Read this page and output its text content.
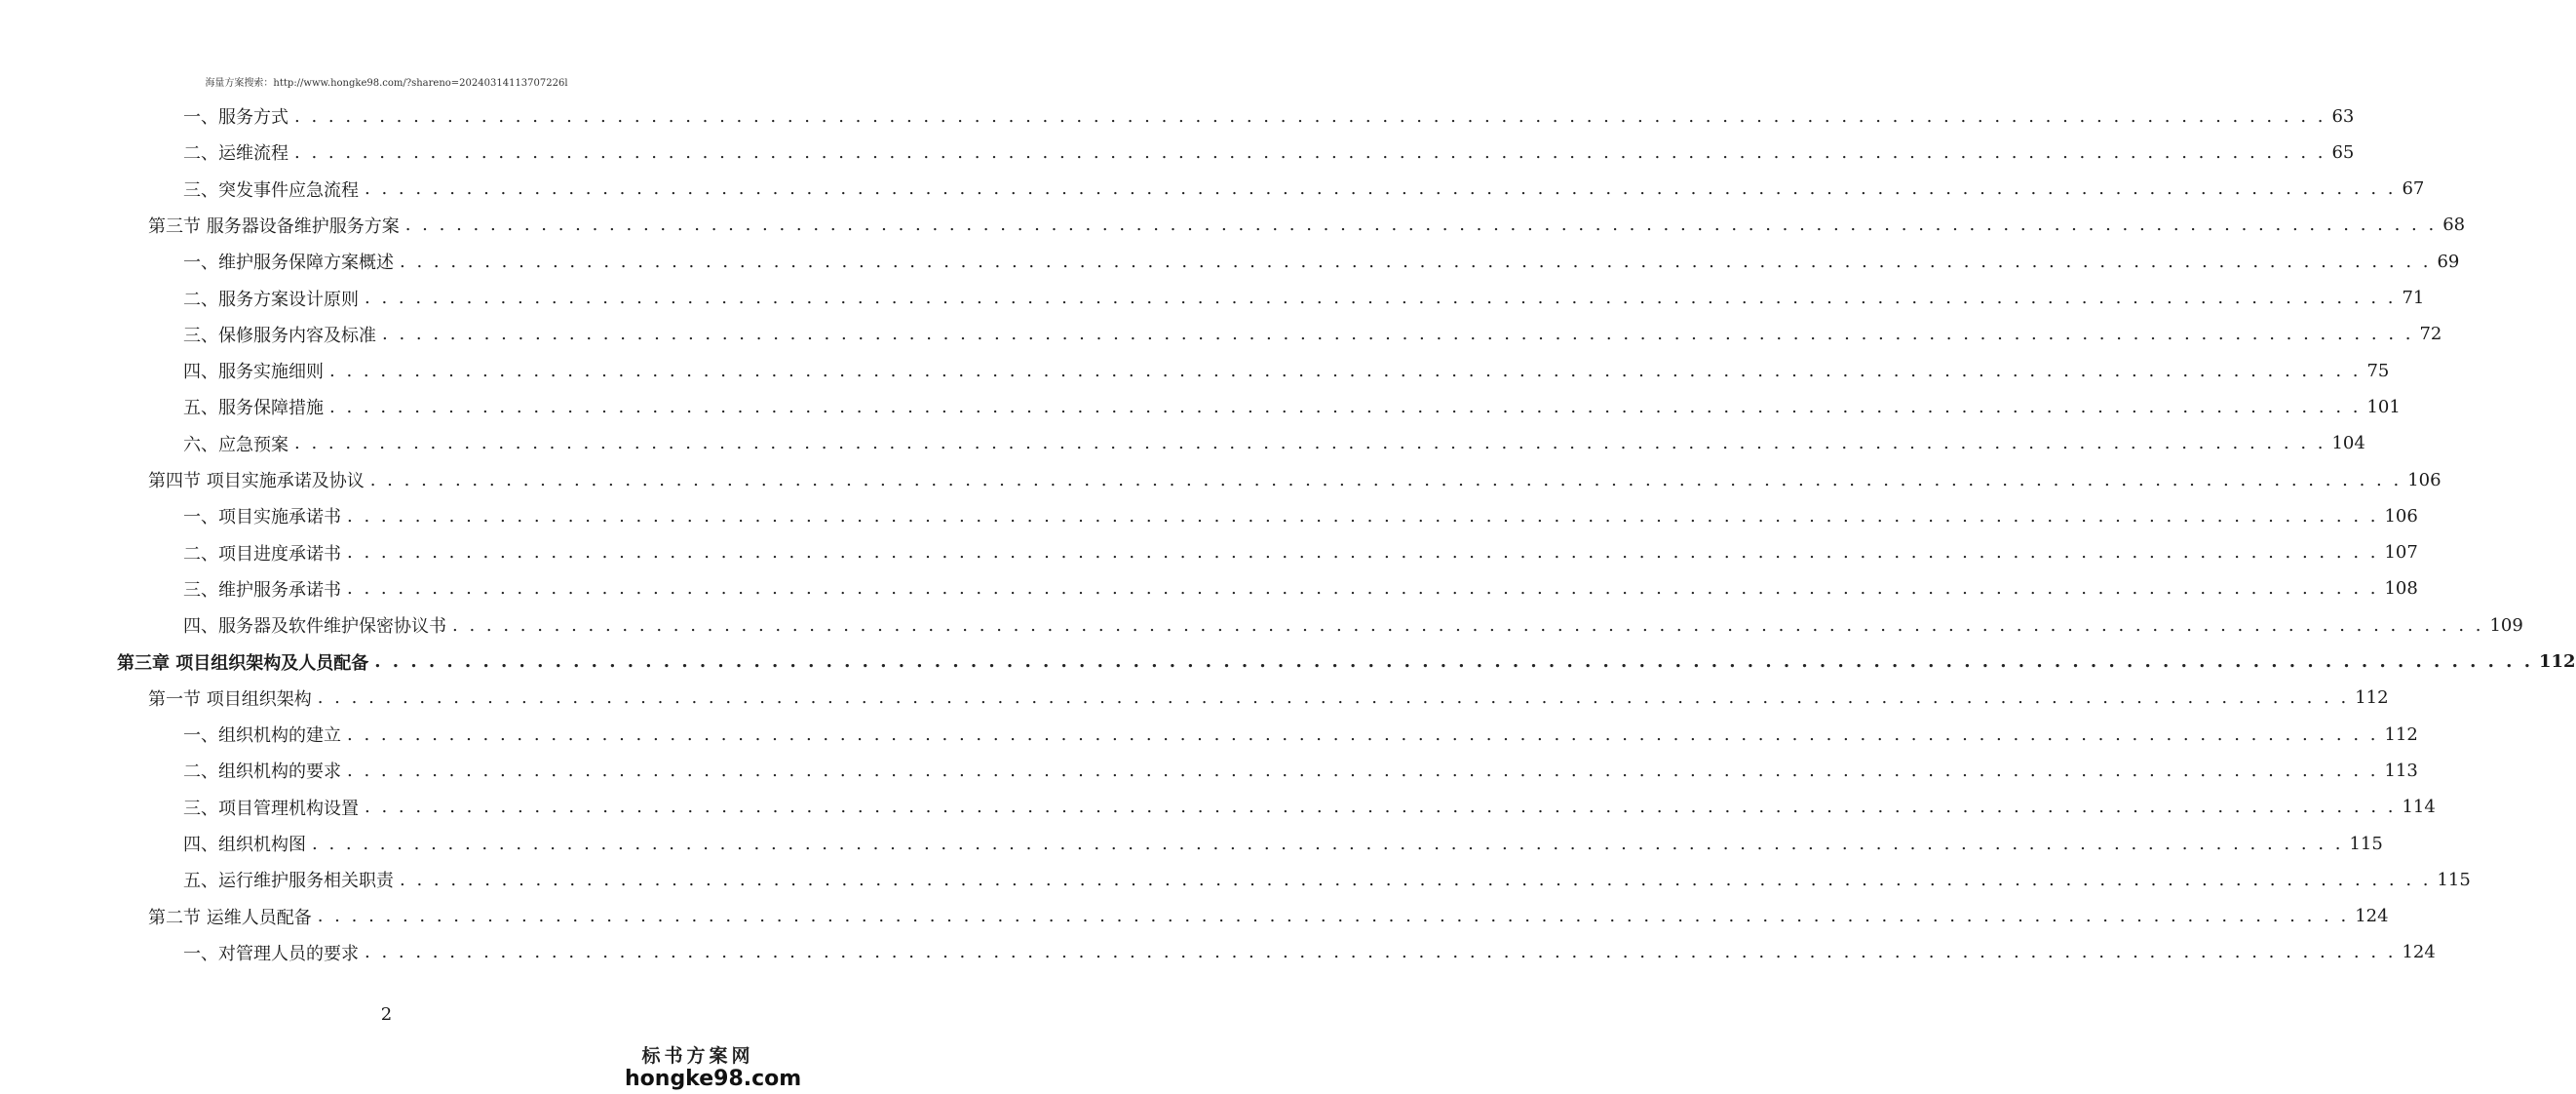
海量方案搜索：http://www.hongke98.com/?shareno=20240314113707226l
一、服务方式 . . . . . . . . . . . . . . . . . . . . . . . . . . . . . . . . . . . . . . . . . . . . . . . . . . . . . . . . . . . . . . . . . . . . . . . . . . . . . . . . . . . . . . . . . . . . . . . . . . . . . . . . . . . . . . . . . . . . . . . . 63
二、运维流程 . . . . . . . . . . . . . . . . . . . . . . . . . . . . . . . . . . . . . . . . . . . . . . . . . . . . . . . . . . . . . . . . . . . . . . . . . . . . . . . . . . . . . . . . . . . . . . . . . . . . . . . . . . . . . . . . . . . . . . . . 65
三、突发事件应急流程 . . . . . . . . . . . . . . . . . . . . . . . . . . . . . . . . . . . . . . . . . . . . . . . . . . . . . . . . . . . . . . . . . . . . . . . . . . . . . . . . . . . . . . . . . . . . . . . . . . . . . . . . . . . . . . . . . . . . . . . . 67
第三节 服务器设备维护服务方案 . . . . . . . . . . . . . . . . . . . . . . . . . . . . . . . . . . . . . . . . . . . . . . . . . . . . . . . . . . . . . . . . . . . . . . . . . . . . . . . . . . . . . . . . . . . . . . . . . . . . . . . . . . . . . . . . . . . . . . . . 68
一、维护服务保障方案概述 . . . . . . . . . . . . . . . . . . . . . . . . . . . . . . . . . . . . . . . . . . . . . . . . . . . . . . . . . . . . . . . . . . . . . . . . . . . . . . . . . . . . . . . . . . . . . . . . . . . . . . . . . . . . . . . . . . . . . . . . 69
二、服务方案设计原则 . . . . . . . . . . . . . . . . . . . . . . . . . . . . . . . . . . . . . . . . . . . . . . . . . . . . . . . . . . . . . . . . . . . . . . . . . . . . . . . . . . . . . . . . . . . . . . . . . . . . . . . . . . . . . . . . . . . . . . . . 71
三、保修服务内容及标准 . . . . . . . . . . . . . . . . . . . . . . . . . . . . . . . . . . . . . . . . . . . . . . . . . . . . . . . . . . . . . . . . . . . . . . . . . . . . . . . . . . . . . . . . . . . . . . . . . . . . . . . . . . . . . . . . . . . . . . . . 72
四、服务实施细则 . . . . . . . . . . . . . . . . . . . . . . . . . . . . . . . . . . . . . . . . . . . . . . . . . . . . . . . . . . . . . . . . . . . . . . . . . . . . . . . . . . . . . . . . . . . . . . . . . . . . . . . . . . . . . . . . . . . . . . . . 75
五、服务保障措施 . . . . . . . . . . . . . . . . . . . . . . . . . . . . . . . . . . . . . . . . . . . . . . . . . . . . . . . . . . . . . . . . . . . . . . . . . . . . . . . . . . . . . . . . . . . . . . . . . . . . . . . . . . . . . . . . . . . . . . . . 101
六、应急预案 . . . . . . . . . . . . . . . . . . . . . . . . . . . . . . . . . . . . . . . . . . . . . . . . . . . . . . . . . . . . . . . . . . . . . . . . . . . . . . . . . . . . . . . . . . . . . . . . . . . . . . . . . . . . . . . . . . . . . . . . 104
第四节 项目实施承诺及协议 . . . . . . . . . . . . . . . . . . . . . . . . . . . . . . . . . . . . . . . . . . . . . . . . . . . . . . . . . . . . . . . . . . . . . . . . . . . . . . . . . . . . . . . . . . . . . . . . . . . . . . . . . . . . . . . . . . . . . . . . 106
一、项目实施承诺书 . . . . . . . . . . . . . . . . . . . . . . . . . . . . . . . . . . . . . . . . . . . . . . . . . . . . . . . . . . . . . . . . . . . . . . . . . . . . . . . . . . . . . . . . . . . . . . . . . . . . . . . . . . . . . . . . . . . . . . . . 106
二、项目进度承诺书 . . . . . . . . . . . . . . . . . . . . . . . . . . . . . . . . . . . . . . . . . . . . . . . . . . . . . . . . . . . . . . . . . . . . . . . . . . . . . . . . . . . . . . . . . . . . . . . . . . . . . . . . . . . . . . . . . . . . . . . . 107
三、维护服务承诺书 . . . . . . . . . . . . . . . . . . . . . . . . . . . . . . . . . . . . . . . . . . . . . . . . . . . . . . . . . . . . . . . . . . . . . . . . . . . . . . . . . . . . . . . . . . . . . . . . . . . . . . . . . . . . . . . . . . . . . . . . 108
四、服务器及软件维护保密协议书 . . . . . . . . . . . . . . . . . . . . . . . . . . . . . . . . . . . . . . . . . . . . . . . . . . . . . . . . . . . . . . . . . . . . . . . . . . . . . . . . . . . . . . . . . . . . . . . . . . . . . . . . . . . . . . . . . . . . . . . . 109
第三章 项目组织架构及人员配备 . . . . . . . . . . . . . . . . . . . . . . . . . . . . . . . . . . . . . . . . . . . . . . . . . . . . . . . . . . . . . . . . . . . . . . . . . . . . . . . . . . . . . . . . . . . . . . . . . . . . . . . . . . . . . . . . . . . . . . . . 112
第一节 项目组织架构 . . . . . . . . . . . . . . . . . . . . . . . . . . . . . . . . . . . . . . . . . . . . . . . . . . . . . . . . . . . . . . . . . . . . . . . . . . . . . . . . . . . . . . . . . . . . . . . . . . . . . . . . . . . . . . . . . . . . . . . . 112
一、组织机构的建立 . . . . . . . . . . . . . . . . . . . . . . . . . . . . . . . . . . . . . . . . . . . . . . . . . . . . . . . . . . . . . . . . . . . . . . . . . . . . . . . . . . . . . . . . . . . . . . . . . . . . . . . . . . . . . . . . . . . . . . . . 112
二、组织机构的要求 . . . . . . . . . . . . . . . . . . . . . . . . . . . . . . . . . . . . . . . . . . . . . . . . . . . . . . . . . . . . . . . . . . . . . . . . . . . . . . . . . . . . . . . . . . . . . . . . . . . . . . . . . . . . . . . . . . . . . . . . 113
三、项目管理机构设置 . . . . . . . . . . . . . . . . . . . . . . . . . . . . . . . . . . . . . . . . . . . . . . . . . . . . . . . . . . . . . . . . . . . . . . . . . . . . . . . . . . . . . . . . . . . . . . . . . . . . . . . . . . . . . . . . . . . . . . . . 114
四、组织机构图 . . . . . . . . . . . . . . . . . . . . . . . . . . . . . . . . . . . . . . . . . . . . . . . . . . . . . . . . . . . . . . . . . . . . . . . . . . . . . . . . . . . . . . . . . . . . . . . . . . . . . . . . . . . . . . . . . . . . . . . . 115
五、运行维护服务相关职责 . . . . . . . . . . . . . . . . . . . . . . . . . . . . . . . . . . . . . . . . . . . . . . . . . . . . . . . . . . . . . . . . . . . . . . . . . . . . . . . . . . . . . . . . . . . . . . . . . . . . . . . . . . . . . . . . . . . . . . . . 115
第二节 运维人员配备 . . . . . . . . . . . . . . . . . . . . . . . . . . . . . . . . . . . . . . . . . . . . . . . . . . . . . . . . . . . . . . . . . . . . . . . . . . . . . . . . . . . . . . . . . . . . . . . . . . . . . . . . . . . . . . . . . . . . . . . . 124
一、对管理人员的要求 . . . . . . . . . . . . . . . . . . . . . . . . . . . . . . . . . . . . . . . . . . . . . . . . . . . . . . . . . . . . . . . . . . . . . . . . . . . . . . . . . . . . . . . . . . . . . . . . . . . . . . . . . . . . . . . . . . . . . . . . 124
2
标书方案网
hongke98.com
